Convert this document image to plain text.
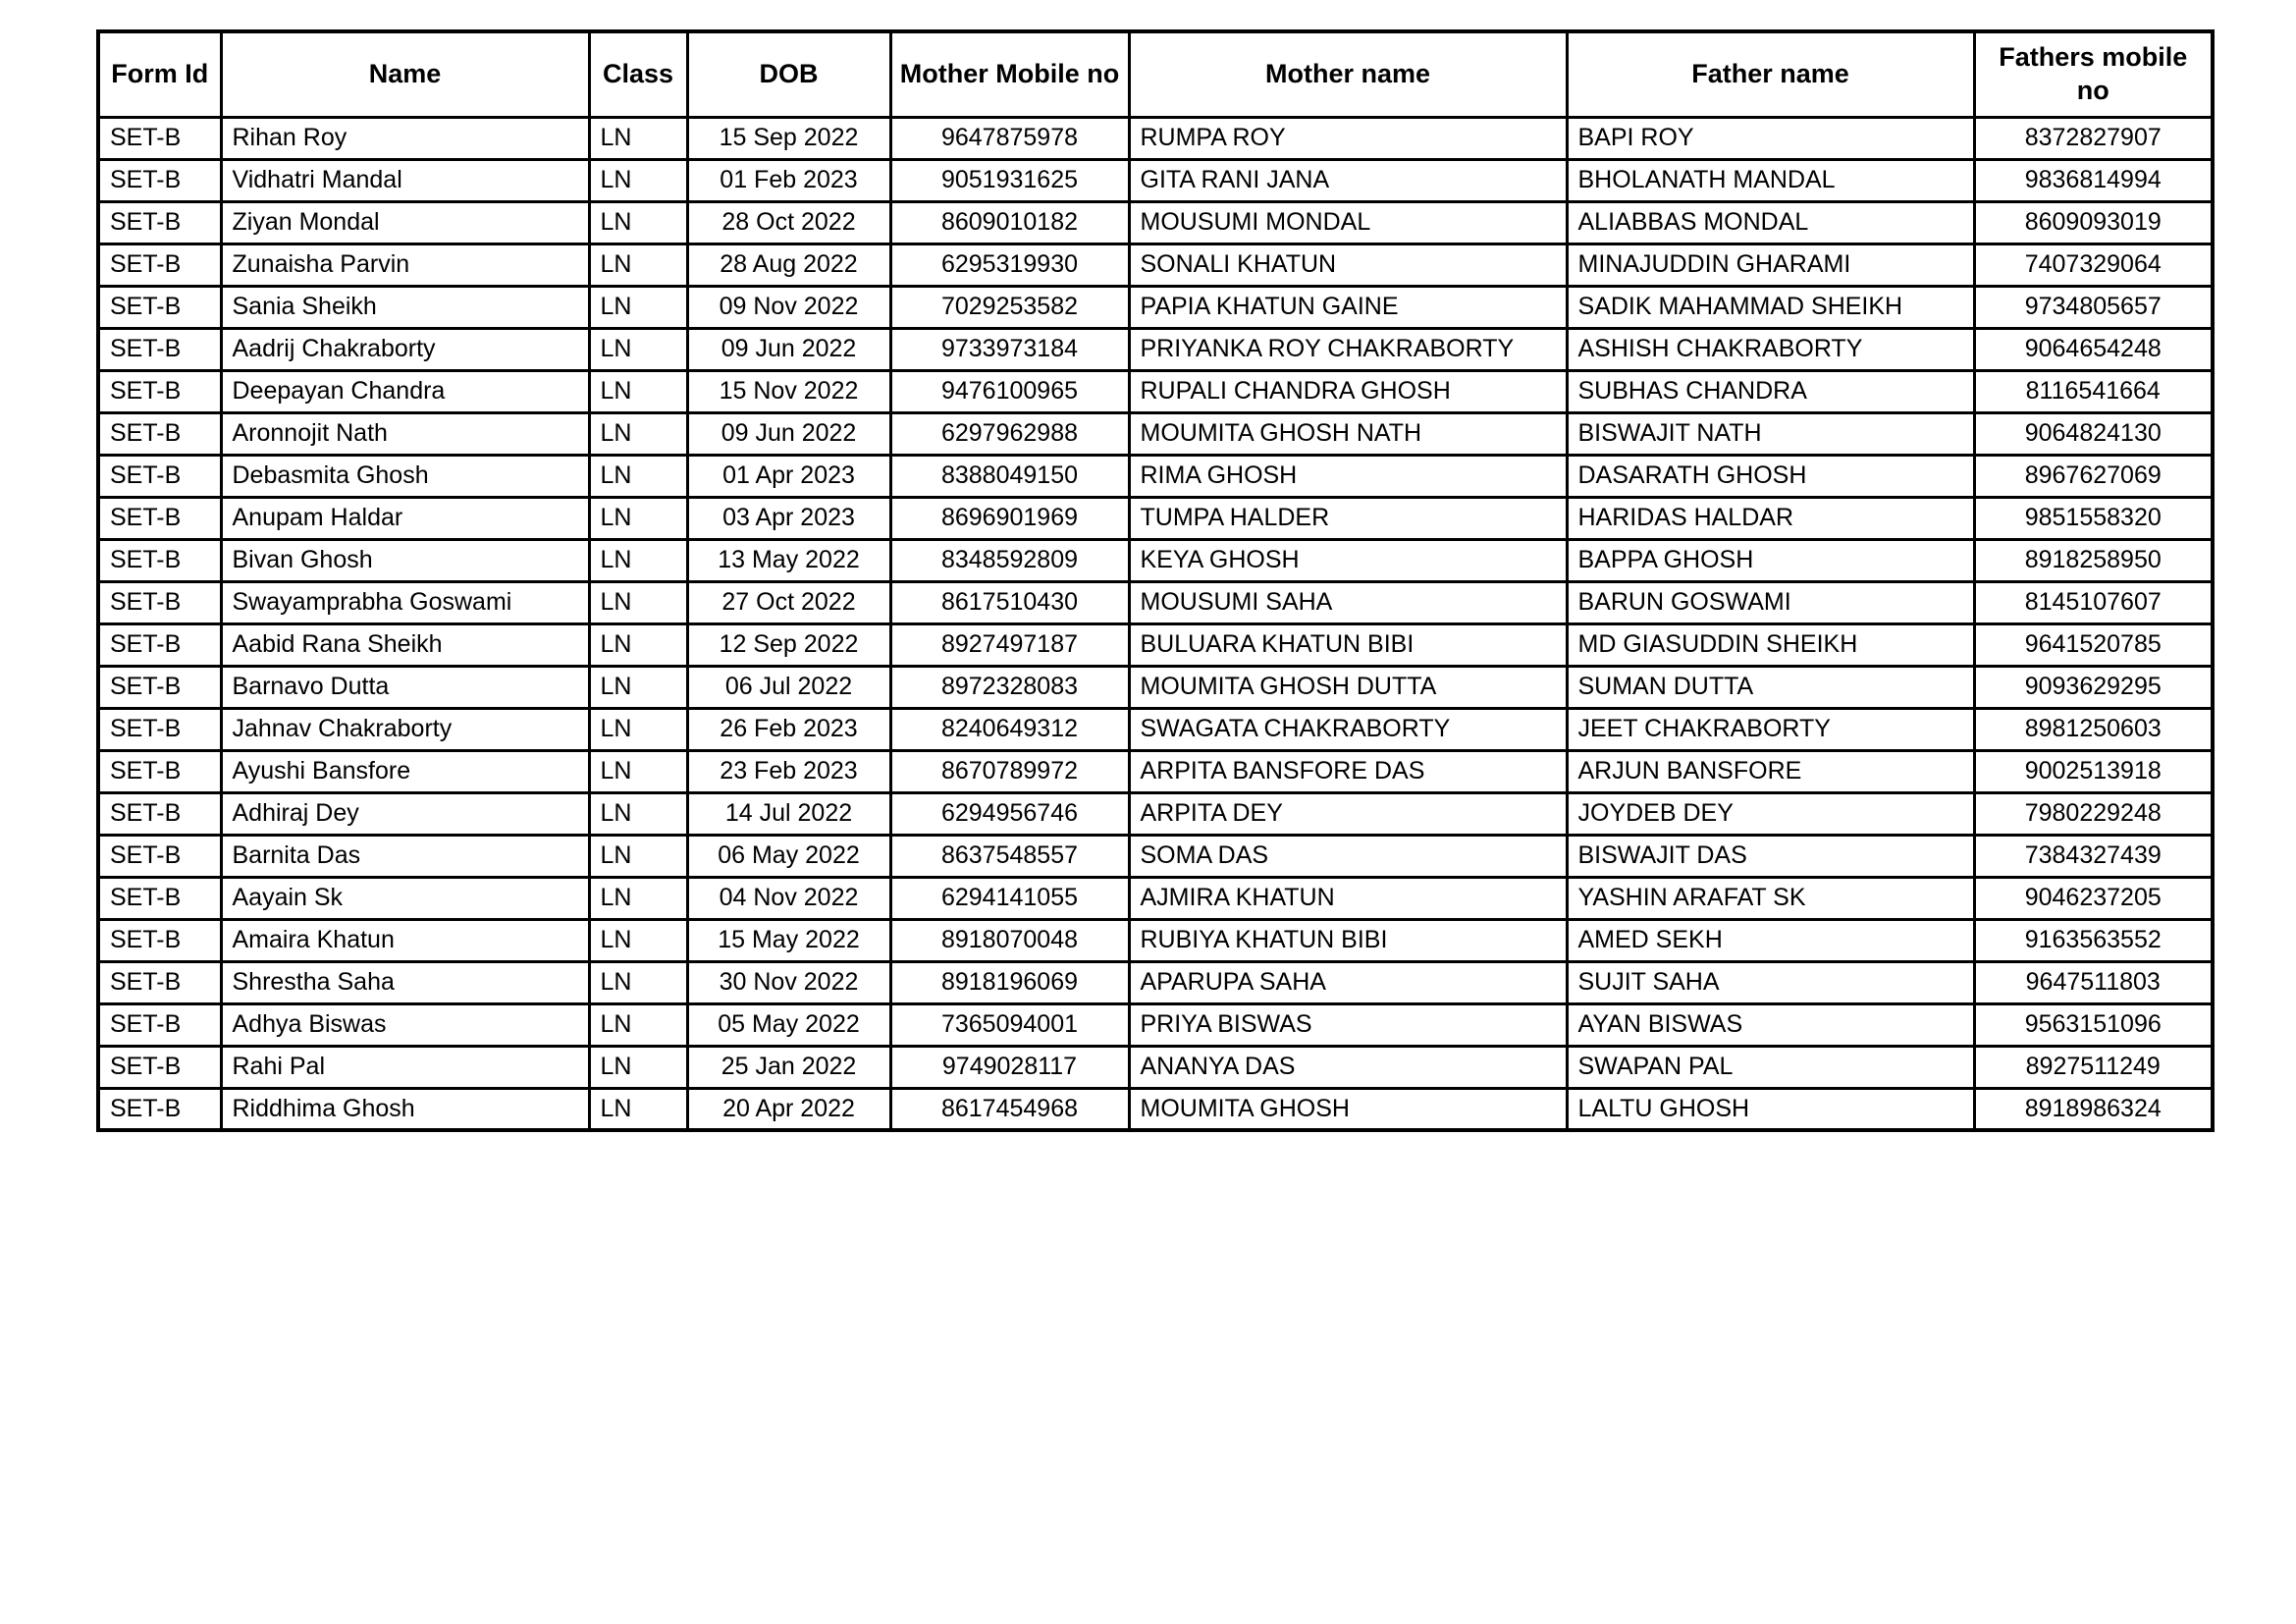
Form Id	Name	Class	DOB	Mother Mobile no	Mother name	Father name	Fathers mobile no
SET-B	Rihan Roy	LN	15 Sep 2022	9647875978	RUMPA ROY	BAPI ROY	8372827907
SET-B	Vidhatri Mandal	LN	01 Feb 2023	9051931625	GITA RANI JANA	BHOLANATH MANDAL	9836814994
SET-B	Ziyan Mondal	LN	28 Oct 2022	8609010182	MOUSUMI MONDAL	ALIABBAS MONDAL	8609093019
SET-B	Zunaisha Parvin	LN	28 Aug 2022	6295319930	SONALI KHATUN	MINAJUDDIN GHARAMI	7407329064
SET-B	Sania Sheikh	LN	09 Nov 2022	7029253582	PAPIA KHATUN GAINE	SADIK MAHAMMAD SHEIKH	9734805657
SET-B	Aadrij Chakraborty	LN	09 Jun 2022	9733973184	PRIYANKA ROY CHAKRABORTY	ASHISH CHAKRABORTY	9064654248
SET-B	Deepayan Chandra	LN	15 Nov 2022	9476100965	RUPALI CHANDRA GHOSH	SUBHAS CHANDRA	8116541664
SET-B	Aronnojit Nath	LN	09 Jun 2022	6297962988	MOUMITA GHOSH NATH	BISWAJIT NATH	9064824130
SET-B	Debasmita Ghosh	LN	01 Apr 2023	8388049150	RIMA GHOSH	DASARATH GHOSH	8967627069
SET-B	Anupam Haldar	LN	03 Apr 2023	8696901969	TUMPA HALDER	HARIDAS HALDAR	9851558320
SET-B	Bivan Ghosh	LN	13 May 2022	8348592809	KEYA GHOSH	BAPPA GHOSH	8918258950
SET-B	Swayamprabha Goswami	LN	27 Oct 2022	8617510430	MOUSUMI SAHA	BARUN GOSWAMI	8145107607
SET-B	Aabid Rana Sheikh	LN	12 Sep 2022	8927497187	BULUARA KHATUN BIBI	MD GIASUDDIN SHEIKH	9641520785
SET-B	Barnavo Dutta	LN	06 Jul 2022	8972328083	MOUMITA GHOSH DUTTA	SUMAN DUTTA	9093629295
SET-B	Jahnav Chakraborty	LN	26 Feb 2023	8240649312	SWAGATA CHAKRABORTY	JEET CHAKRABORTY	8981250603
SET-B	Ayushi Bansfore	LN	23 Feb 2023	8670789972	ARPITA BANSFORE DAS	ARJUN BANSFORE	9002513918
SET-B	Adhiraj Dey	LN	14 Jul 2022	6294956746	ARPITA DEY	JOYDEB DEY	7980229248
SET-B	Barnita Das	LN	06 May 2022	8637548557	SOMA DAS	BISWAJIT DAS	7384327439
SET-B	Aayain Sk	LN	04 Nov 2022	6294141055	AJMIRA KHATUN	YASHIN ARAFAT SK	9046237205
SET-B	Amaira Khatun	LN	15 May 2022	8918070048	RUBIYA KHATUN BIBI	AMED SEKH	9163563552
SET-B	Shrestha Saha	LN	30 Nov 2022	8918196069	APARUPA SAHA	SUJIT SAHA	9647511803
SET-B	Adhya Biswas	LN	05 May 2022	7365094001	PRIYA BISWAS	AYAN BISWAS	9563151096
SET-B	Rahi Pal	LN	25 Jan 2022	9749028117	ANANYA DAS	SWAPAN PAL	8927511249
SET-B	Riddhima Ghosh	LN	20 Apr 2022	8617454968	MOUMITA GHOSH	LALTU GHOSH	8918986324
